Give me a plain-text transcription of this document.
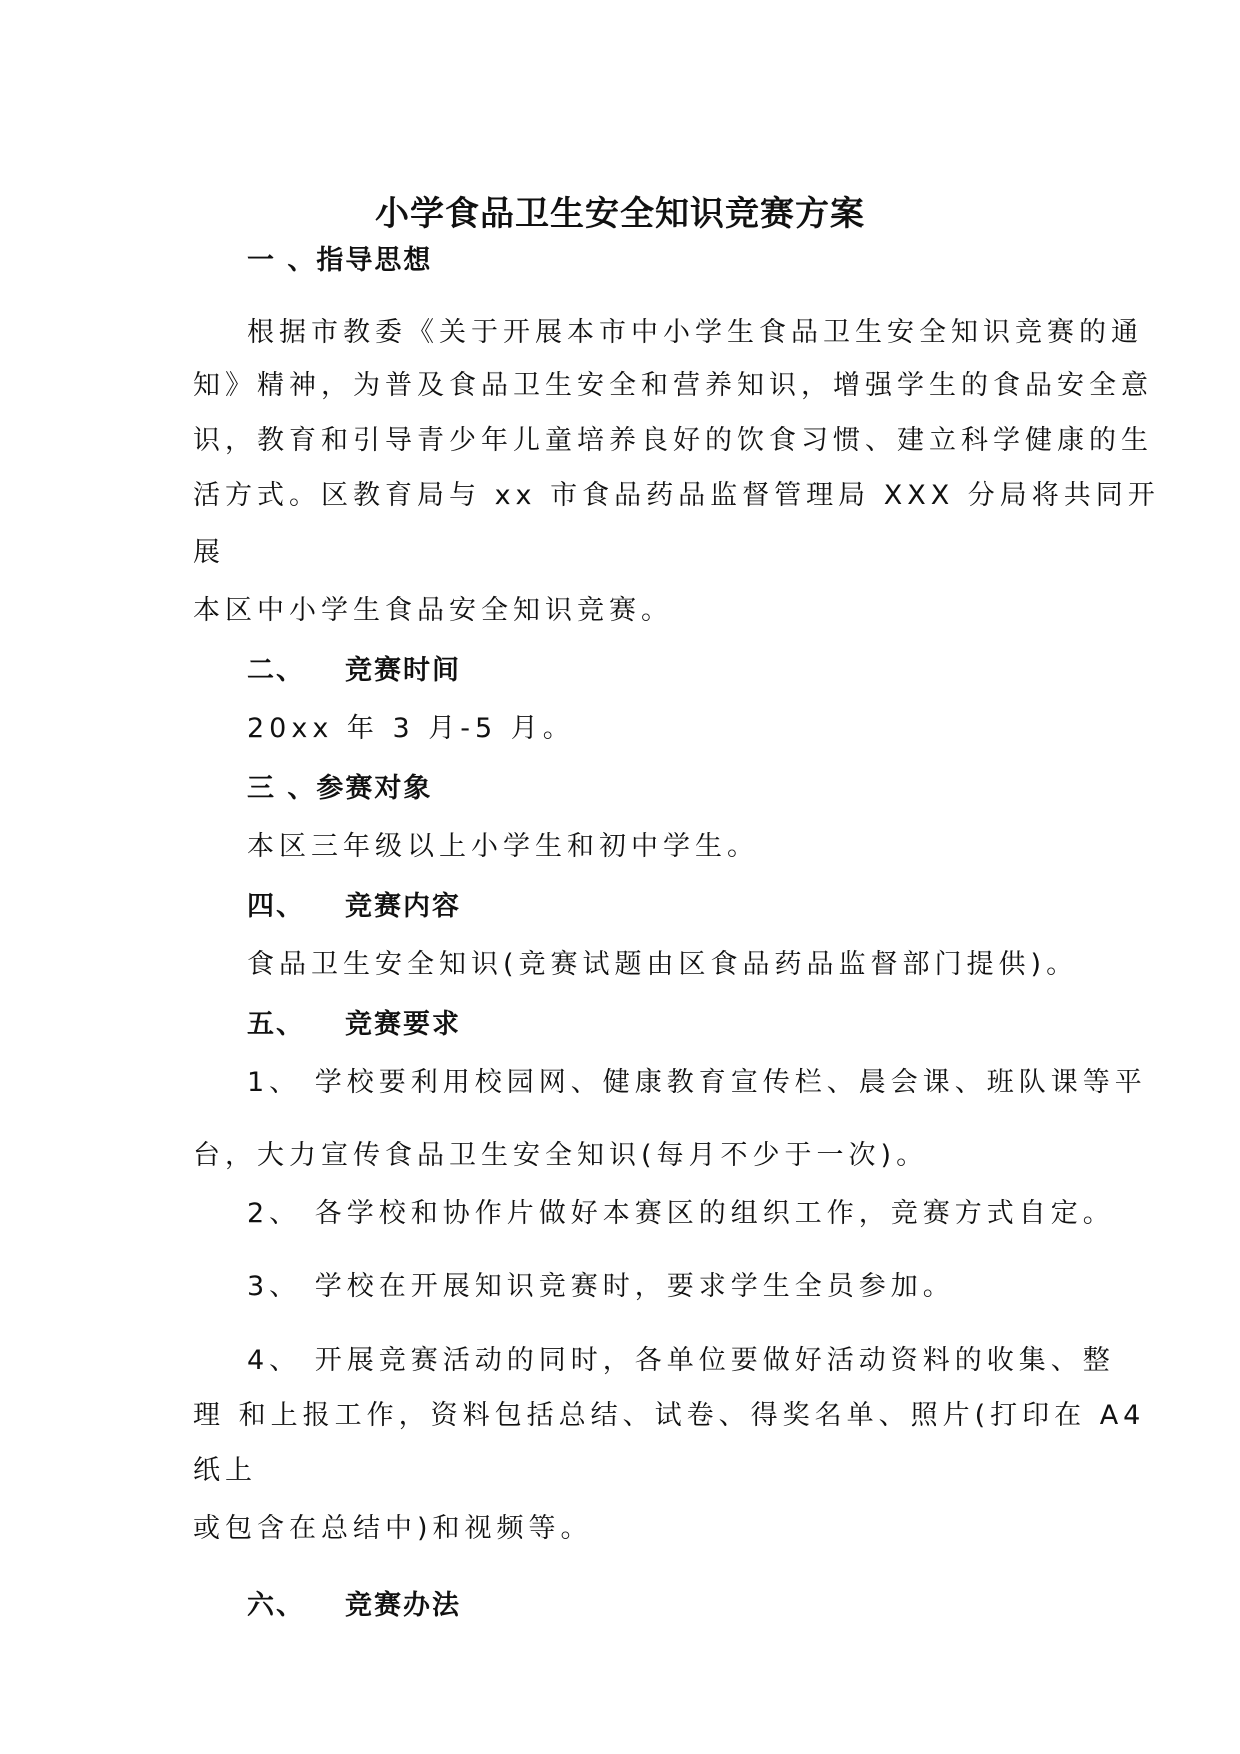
小学食品卫生安全知识竞赛方案
一 、指导思想
根据市教委《关于开展本市中小学生食品卫生安全知识竞赛的通
知》精神，为普及食品卫生安全和营养知识，增强学生的食品安全意
识，教育和引导青少年儿童培养良好的饮食习惯、建立科学健康的生
活方式。区教育局与 xx 市食品药品监督管理局 XXX 分局将共同开
展
本区中小学生食品安全知识竞赛。
二、 竞赛时间
20xx 年 3 月-5 月。
三 、参赛对象
本区三年级以上小学生和初中学生。
四、 竞赛内容
食品卫生安全知识(竞赛试题由区食品药品监督部门提供)。
五、 竞赛要求
1、 学校要利用校园网、健康教育宣传栏、晨会课、班队课等平
台，大力宣传食品卫生安全知识(每月不少于一次)。
2、 各学校和协作片做好本赛区的组织工作，竞赛方式自定。
3、 学校在开展知识竞赛时，要求学生全员参加。
4、 开展竞赛活动的同时，各单位要做好活动资料的收集、整
理 和上报工作，资料包括总结、试卷、得奖名单、照片(打印在 A4
纸上
或包含在总结中)和视频等。
六、 竞赛办法
